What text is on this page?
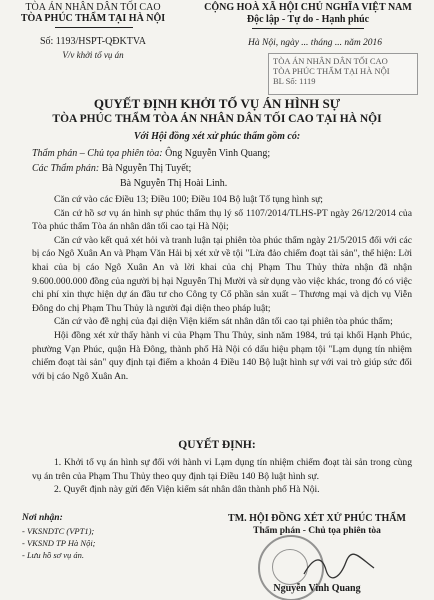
TÒA ÁN NHÂN DÂN TỐI CAO
TÒA PHÚC THẨM TẠI HÀ NỘI
Số: 1193/HSPT-QĐKTVA
V/v khởi tố vụ án
CỘNG HOÀ XÃ HỘI CHỦ NGHĨA VIỆT NAM
Độc lập - Tự do - Hạnh phúc
Hà Nội, ngày ... tháng ... năm 2016
TÒA ÁN NHÂN DÂN TỐI CAO
TÒA PHÚC THẨM TẠI HÀ NỘI
BL Số: 1119
QUYẾT ĐỊNH KHỞI TỐ VỤ ÁN HÌNH SỰ
TÒA PHÚC THẨM TÒA ÁN NHÂN DÂN TỐI CAO TẠI HÀ NỘI
Với Hội đồng xét xử phúc thẩm gồm có:
Thẩm phán – Chủ tọa phiên tòa: Ông Nguyễn Vinh Quang;
Các Thẩm phán: Bà Nguyễn Thị Tuyết;
Bà Nguyễn Thị Hoài Linh.
Căn cứ vào các Điều 13; Điều 100; Điều 104 Bộ luật Tố tụng hình sự;
Căn cứ hồ sơ vụ án hình sự phúc thẩm thụ lý số 1107/2014/TLHS-PT ngày 26/12/2014 của Tòa phúc thẩm Tòa án nhân dân tối cao tại Hà Nội;
Căn cứ vào kết quả xét hỏi và tranh luận tại phiên tòa phúc thẩm ngày 21/5/2015 đối với các bị cáo Ngô Xuân An và Phạm Văn Hải bị xét xử về tội "Lừa đảo chiếm đoạt tài sản", thể hiện: Lời khai của bị cáo Ngô Xuân An và lời khai của chị Phạm Thu Thủy thừa nhận đã nhận 9.600.000.000 đồng của người bị hại Nguyễn Thị Mười và sử dụng vào việc khác, trong đó có việc chi phí xin thực hiện dự án đầu tư cho Công ty Cổ phần sản xuất – Thương mại và dịch vụ Viễn Đông do chị Phạm Thu Thủy là người đại diện theo pháp luật;
Căn cứ vào đề nghị của đại diện Viện kiểm sát nhân dân tối cao tại phiên tòa phúc thẩm;
Hội đồng xét xử thấy hành vi của Phạm Thu Thủy, sinh năm 1984, trú tại khối Hạnh Phúc, phường Vạn Phúc, quận Hà Đông, thành phố Hà Nội có dấu hiệu phạm tội "Lạm dụng tín nhiệm chiếm đoạt tài sản" quy định tại điểm a khoản 4 Điều 140 Bộ luật hình sự với vai trò giúp sức đối với bị cáo Ngô Xuân An.
QUYẾT ĐỊNH:
1. Khởi tố vụ án hình sự đối với hành vi Lạm dụng tín nhiệm chiếm đoạt tài sản trong cùng vụ án trên của Phạm Thu Thủy theo quy định tại Điều 140 Bộ luật hình sự.
2. Quyết định này gửi đến Viện kiểm sát nhân dân thành phố Hà Nội.
Nơi nhận:
- VKSNDTC (VPT1);
- VKSND TP Hà Nội;
- Lưu hồ sơ vụ án.
TM. HỘI ĐỒNG XÉT XỬ PHÚC THẨM
Thẩm phán - Chủ tọa phiên tòa
Nguyễn Vinh Quang
